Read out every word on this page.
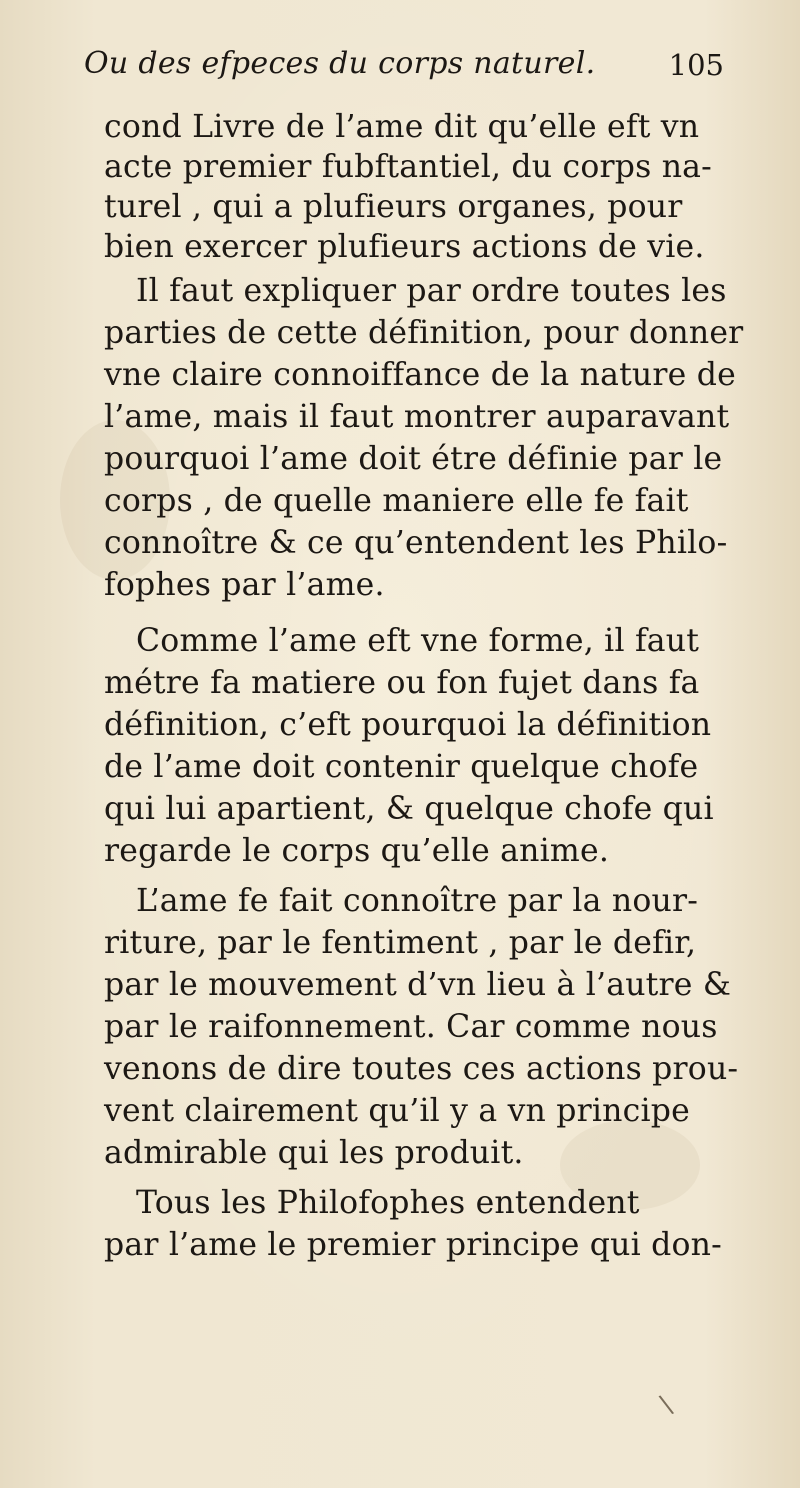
Ou des efpeces du corps naturel.	105
cond Livre de l’ame dit qu’elle eft vn
acte premier fubftantiel, du corps na-
turel , qui a plufieurs organes, pour
bien exercer plufieurs actions de vie.
Il faut expliquer par ordre toutes les
parties de cette définition, pour donner
vne claire connoiffance de la nature de
l’ame, mais il faut montrer auparavant
pourquoi l’ame doit étre définie par le
corps , de quelle maniere elle fe fait
connoître & ce qu’entendent les Philo-
fophes par l’ame.
Comme l’ame eft vne forme, il faut
métre fa matiere ou fon fujet dans fa
définition, c’eft pourquoi la définition
de l’ame doit contenir quelque chofe
qui lui apartient, & quelque chofe qui
regarde le corps qu’elle anime.
L’ame fe fait connoître par la nour-
riture, par le fentiment , par le defir,
par le mouvement d’vn lieu à l’autre &
par le raifonnement. Car comme nous
venons de dire toutes ces actions prou-
vent clairement qu’il y a vn principe
admirable qui les produit.
Tous les Philofophes entendent
par l’ame le premier principe qui don-
\
